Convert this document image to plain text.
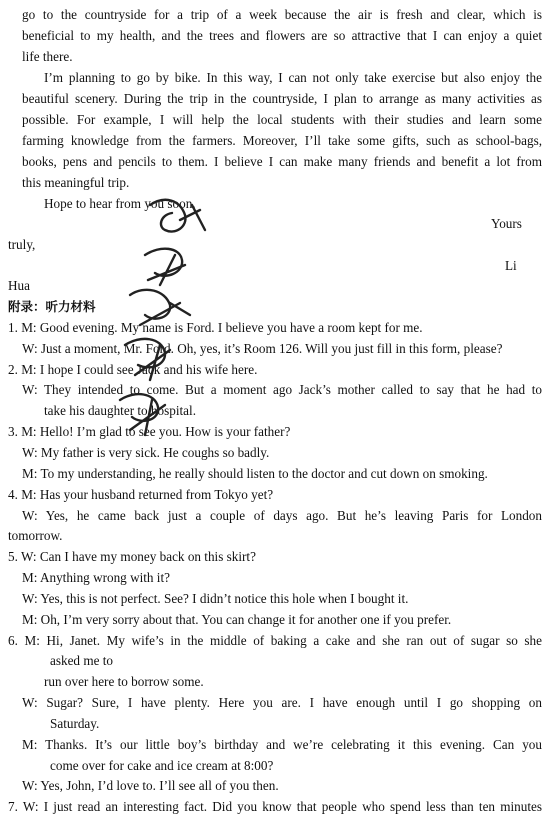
go to the countryside for a trip of a week because the air is fresh and clear, which is
beneficial to my health, and the trees and flowers are so attractive that I can enjoy a quiet
life there.
I’m planning to go by bike. In this way, I can not only take exercise but also enjoy the
beautiful scenery. During the trip in the countryside, I plan to arrange as many activities as
possible. For example, I will help the local students with their studies and learn some
farming knowledge from the farmers. Moreover, I’ll take some gifts, such as school-bags,
books, pens and pencils to them. I believe I can make many friends and benefit a lot from
this meaningful trip.
Hope to hear from you soon.
Yours
truly,
Li
Hua
附录：听力材料
1. M: Good evening. My name is Ford. I believe you have a room kept for me.
W: Just a moment, Mr. Ford. Oh, yes, it’s Room 126. Will you just fill in this form, please?
2. M: I hope I could see Jack and his wife here.
W: They intended to come. But a moment ago Jack’s mother called to say that he had to
take his daughter to hospital.
3. M: Hello! I’m glad to see you. How is your father?
W: My father is very sick. He coughs so badly.
M: To my understanding, he really should listen to the doctor and cut down on smoking.
4. M: Has your husband returned from Tokyo yet?
W: Yes, he came back just a couple of days ago. But he’s leaving Paris for London
tomorrow.
5. W: Can I have my money back on this skirt?
M: Anything wrong with it?
W: Yes, this is not perfect. See? I didn’t notice this hole when I bought it.
M: Oh, I’m very sorry about that. You can change it for another one if you prefer.
6. M: Hi, Janet. My wife’s in the middle of baking a cake and she ran out of sugar so she
asked me to
run over here to borrow some.
W: Sugar? Sure, I have plenty. Here you are. I have enough until I go shopping on
Saturday.
M: Thanks. It’s our little boy’s birthday and we’re celebrating it this evening. Can you
come over for cake and ice cream at 8:00?
W: Yes, John, I’d love to. I’ll see all of you then.
7. W: I just read an interesting fact. Did you know that people who spend less than ten minutes
